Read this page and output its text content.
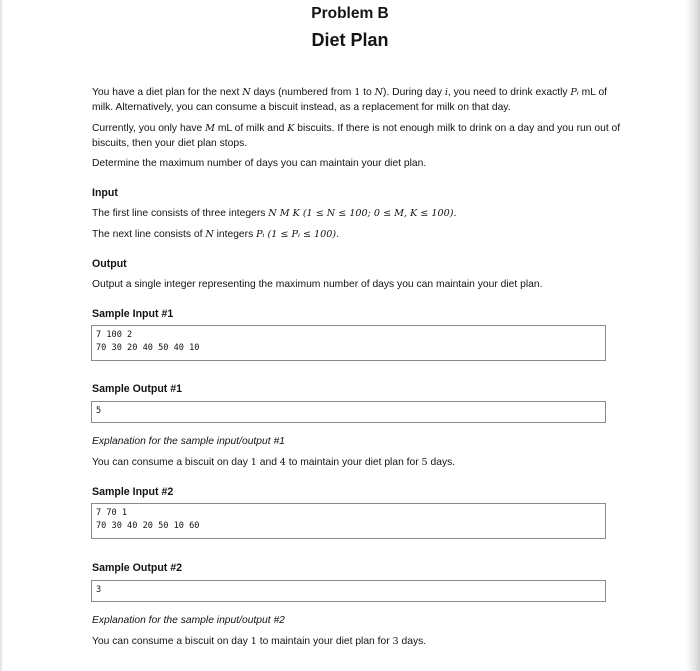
Problem B
Diet Plan

You have a diet plan for the next N days (numbered from 1 to N). During day i, you need to drink exactly Pᵢ mL of milk. Alternatively, you can consume a biscuit instead, as a replacement for milk on that day.

Currently, you only have M mL of milk and K biscuits. If there is not enough milk to drink on a day and you run out of biscuits, then your diet plan stops.

Determine the maximum number of days you can maintain your diet plan.

Input

The first line consists of three integers N M K (1 ≤ N ≤ 100; 0 ≤ M, K ≤ 100).

The next line consists of N integers Pᵢ (1 ≤ Pᵢ ≤ 100).

Output

Output a single integer representing the maximum number of days you can maintain your diet plan.

Sample Input #1
7 100 2
70 30 20 40 50 40 10
Sample Output #1
5

Explanation for the sample input/output #1

You can consume a biscuit on day 1 and 4 to maintain your diet plan for 5 days.

Sample Input #2
7 70 1
70 30 40 20 50 10 60
Sample Output #2
3

Explanation for the sample input/output #2

You can consume a biscuit on day 1 to maintain your diet plan for 3 days.
